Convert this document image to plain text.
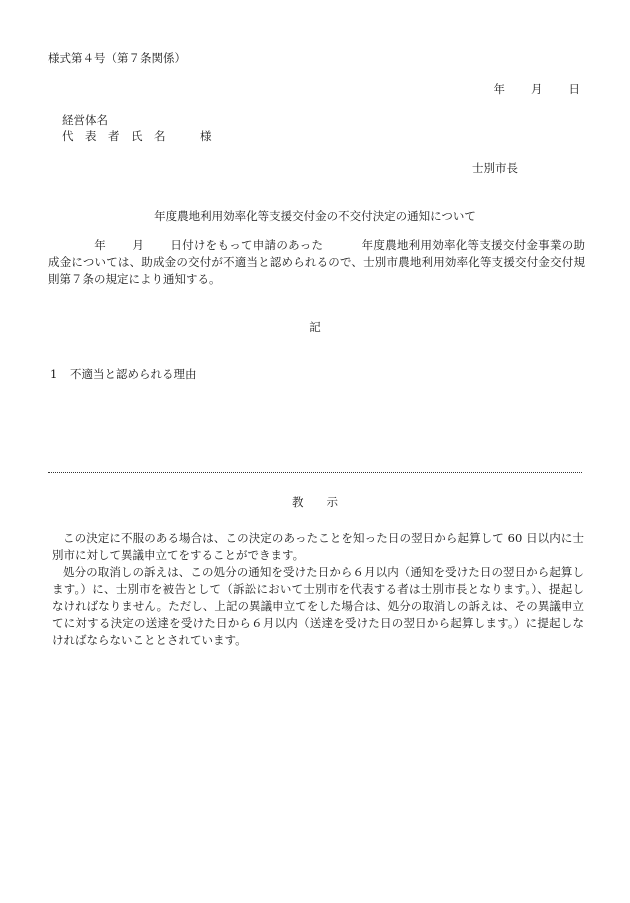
様式第４号（第７条関係）
年 月 日
経営体名
代　表　者　氏　名　　　様
士別市長
年度農地利用効率化等支援交付金の不交付決定の通知について
年 月 日付けをもって申請のあった	年度農地利用効率化等支援交付金事業の助成金については、助成金の交付が不適当と認められるので、士別市農地利用効率化等支援交付金交付規則第７条の規定により通知する。
記
1 不適当と認められる理由
教　　示

この決定に不服のある場合は、この決定のあったことを知った日の翌日から起算して 60 日以内に士別市に対して異議申立てをすることができます。

処分の取消しの訴えは、この処分の通知を受けた日から６月以内（通知を受けた日の翌日から起算します。）に、士別市を被告として（訴訟において士別市を代表する者は士別市長となります。）、提起しなければなりません。ただし、上記の異議申立てをした場合は、処分の取消しの訴えは、その異議申立てに対する決定の送達を受けた日から６月以内（送達を受けた日の翌日から起算します。）に提起しなければならないこととされています。
